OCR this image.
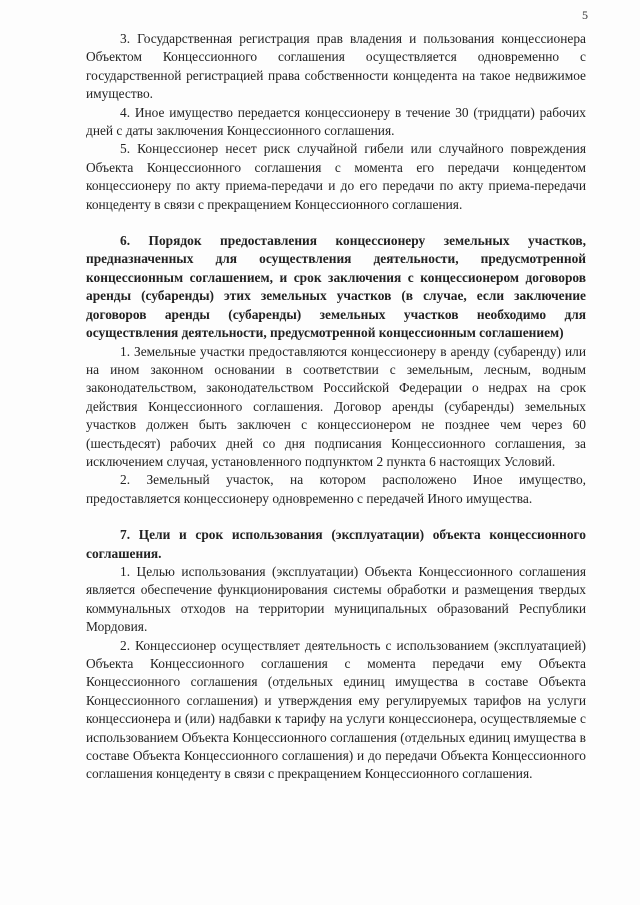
5

3. Государственная регистрация прав владения и пользования концессионера Объектом Концессионного соглашения осуществляется одновременно с государственной регистрацией права собственности концедента на такое недвижимое имущество.

4. Иное имущество передается концессионеру в течение 30 (тридцати) рабочих дней с даты заключения Концессионного соглашения.

5. Концессионер несет риск случайной гибели или случайного повреждения Объекта Концессионного соглашения с момента его передачи концедентом концессионеру по акту приема-передачи и до его передачи по акту приема-передачи концеденту в связи с прекращением Концессионного соглашения.

6. Порядок предоставления концессионеру земельных участков, предназначенных для осуществления деятельности, предусмотренной концессионным соглашением, и срок заключения с концессионером договоров аренды (субаренды) этих земельных участков (в случае, если заключение договоров аренды (субаренды) земельных участков необходимо для осуществления деятельности, предусмотренной концессионным соглашением)

1. Земельные участки предоставляются концессионеру в аренду (субаренду) или на ином законном основании в соответствии с земельным, лесным, водным законодательством, законодательством Российской Федерации о недрах на срок действия Концессионного соглашения. Договор аренды (субаренды) земельных участков должен быть заключен с концессионером не позднее чем через 60 (шестьдесят) рабочих дней со дня подписания Концессионного соглашения, за исключением случая, установленного подпунктом 2 пункта 6 настоящих Условий.

2. Земельный участок, на котором расположено Иное имущество, предоставляется концессионеру одновременно с передачей Иного имущества.

7. Цели и срок использования (эксплуатации) объекта концессионного соглашения.

1. Целью использования (эксплуатации) Объекта Концессионного соглашения является обеспечение функционирования системы обработки и размещения твердых коммунальных отходов на территории муниципальных образований Республики Мордовия.

2. Концессионер осуществляет деятельность с использованием (эксплуатацией) Объекта Концессионного соглашения с момента передачи ему Объекта Концессионного соглашения (отдельных единиц имущества в составе Объекта Концессионного соглашения) и утверждения ему регулируемых тарифов на услуги концессионера и (или) надбавки к тарифу на услуги концессионера, осуществляемые с использованием Объекта Концессионного соглашения (отдельных единиц имущества в составе Объекта Концессионного соглашения) и до передачи Объекта Концессионного соглашения концеденту в связи с прекращением Концессионного соглашения.
